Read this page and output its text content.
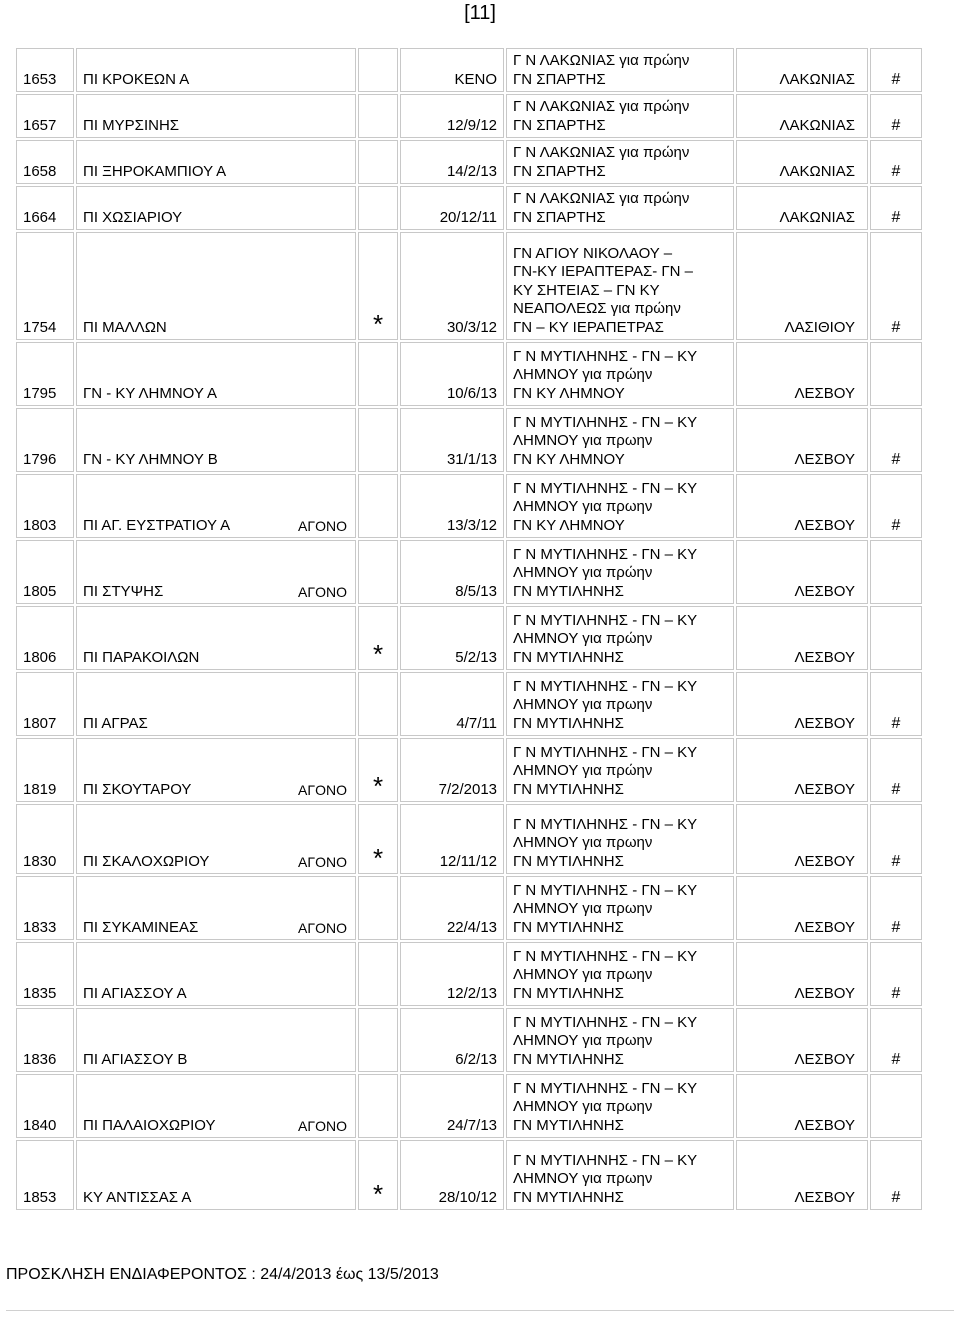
[11]
1653	ΠΙ ΚΡΟΚΕΩΝ Α		ΚΕΝΟ	Γ Ν ΛΑΚΩΝΙΑΣ για πρώην
ΓΝ ΣΠΑΡΤΗΣ	ΛΑΚΩΝΙΑΣ	#
1657	ΠΙ ΜΥΡΣΙΝΗΣ		12/9/12	Γ Ν ΛΑΚΩΝΙΑΣ για πρώην
ΓΝ ΣΠΑΡΤΗΣ	ΛΑΚΩΝΙΑΣ	#
1658	ΠΙ ΞΗΡΟΚΑΜΠΙΟΥ Α		14/2/13	Γ Ν ΛΑΚΩΝΙΑΣ για πρώην
ΓΝ ΣΠΑΡΤΗΣ	ΛΑΚΩΝΙΑΣ	#
1664	ΠΙ ΧΩΣΙΑΡΙΟΥ		20/12/11	Γ Ν ΛΑΚΩΝΙΑΣ για πρώην
ΓΝ ΣΠΑΡΤΗΣ	ΛΑΚΩΝΙΑΣ	#
1754	ΠΙ ΜΑΛΛΩΝ	*	30/3/12	ΓΝ ΑΓΙΟΥ ΝΙΚΟΛΑΟΥ –
ΓΝ-ΚΥ ΙΕΡΑΠΤΕΡΑΣ- ΓΝ –
ΚΥ ΣΗΤΕΙΑΣ – ΓΝ ΚΥ
ΝΕΑΠΟΛΕΩΣ για πρώην
ΓΝ – ΚΥ ΙΕΡΑΠΕΤΡΑΣ	ΛΑΣΙΘΙΟΥ	#
1795	ΓΝ - ΚΥ ΛΗΜΝΟΥ Α		10/6/13	Γ Ν ΜΥΤΙΛΗΝΗΣ - ΓΝ – ΚΥ
ΛΗΜΝΟΥ για πρώην
ΓΝ ΚΥ ΛΗΜΝΟΥ	ΛΕΣΒΟΥ	
1796	ΓΝ - ΚΥ ΛΗΜΝΟΥ Β		31/1/13	Γ Ν ΜΥΤΙΛΗΝΗΣ - ΓΝ – ΚΥ
ΛΗΜΝΟΥ για πρωην
ΓΝ ΚΥ ΛΗΜΝΟΥ	ΛΕΣΒΟΥ	#
1803	ΠΙ ΑΓ. ΕΥΣΤΡΑΤΙΟΥ Α ΑΓΟΝΟ		13/3/12	Γ Ν ΜΥΤΙΛΗΝΗΣ - ΓΝ – ΚΥ
ΛΗΜΝΟΥ για πρωην
ΓΝ ΚΥ ΛΗΜΝΟΥ	ΛΕΣΒΟΥ	#
1805	ΠΙ ΣΤΥΨΗΣ ΑΓΟΝΟ		8/5/13	Γ Ν ΜΥΤΙΛΗΝΗΣ - ΓΝ – ΚΥ
ΛΗΜΝΟΥ για πρώην
ΓΝ ΜΥΤΙΛΗΝΗΣ	ΛΕΣΒΟΥ	
1806	ΠΙ ΠΑΡΑΚΟΙΛΩΝ	*	5/2/13	Γ Ν ΜΥΤΙΛΗΝΗΣ - ΓΝ – ΚΥ
ΛΗΜΝΟΥ για πρώην
ΓΝ ΜΥΤΙΛΗΝΗΣ	ΛΕΣΒΟΥ	
1807	ΠΙ ΑΓΡΑΣ		4/7/11	Γ Ν ΜΥΤΙΛΗΝΗΣ - ΓΝ – ΚΥ
ΛΗΜΝΟΥ για πρωην
ΓΝ ΜΥΤΙΛΗΝΗΣ	ΛΕΣΒΟΥ	#
1819	ΠΙ ΣΚΟΥΤΑΡΟΥ ΑΓΟΝΟ	*	7/2/2013	Γ Ν ΜΥΤΙΛΗΝΗΣ - ΓΝ – ΚΥ
ΛΗΜΝΟΥ για πρώην
ΓΝ ΜΥΤΙΛΗΝΗΣ	ΛΕΣΒΟΥ	#
1830	ΠΙ ΣΚΑΛΟΧΩΡΙΟΥ ΑΓΟΝΟ	*	12/11/12	Γ Ν ΜΥΤΙΛΗΝΗΣ - ΓΝ – ΚΥ
ΛΗΜΝΟΥ για πρωην
ΓΝ ΜΥΤΙΛΗΝΗΣ	ΛΕΣΒΟΥ	#
1833	ΠΙ ΣΥΚΑΜΙΝΕΑΣ ΑΓΟΝΟ		22/4/13	Γ Ν ΜΥΤΙΛΗΝΗΣ - ΓΝ – ΚΥ
ΛΗΜΝΟΥ για πρωην
ΓΝ ΜΥΤΙΛΗΝΗΣ	ΛΕΣΒΟΥ	#
1835	ΠΙ ΑΓΙΑΣΣΟΥ Α		12/2/13	Γ Ν ΜΥΤΙΛΗΝΗΣ - ΓΝ – ΚΥ
ΛΗΜΝΟΥ για πρωην
ΓΝ ΜΥΤΙΛΗΝΗΣ	ΛΕΣΒΟΥ	#
1836	ΠΙ ΑΓΙΑΣΣΟΥ Β		6/2/13	Γ Ν ΜΥΤΙΛΗΝΗΣ - ΓΝ – ΚΥ
ΛΗΜΝΟΥ για πρωην
ΓΝ ΜΥΤΙΛΗΝΗΣ	ΛΕΣΒΟΥ	#
1840	ΠΙ ΠΑΛΑΙΟΧΩΡΙΟΥ ΑΓΟΝΟ		24/7/13	Γ Ν ΜΥΤΙΛΗΝΗΣ - ΓΝ – ΚΥ
ΛΗΜΝΟΥ για πρωην
ΓΝ ΜΥΤΙΛΗΝΗΣ	ΛΕΣΒΟΥ	
1853	ΚΥ ΑΝΤΙΣΣΑΣ Α	*	28/10/12	Γ Ν ΜΥΤΙΛΗΝΗΣ - ΓΝ – ΚΥ
ΛΗΜΝΟΥ για πρωην
ΓΝ ΜΥΤΙΛΗΝΗΣ	ΛΕΣΒΟΥ	#
ΠΡΟΣΚΛΗΣΗ ΕΝΔΙΑΦΕΡΟΝΤΟΣ : 24/4/2013 έως 13/5/2013
